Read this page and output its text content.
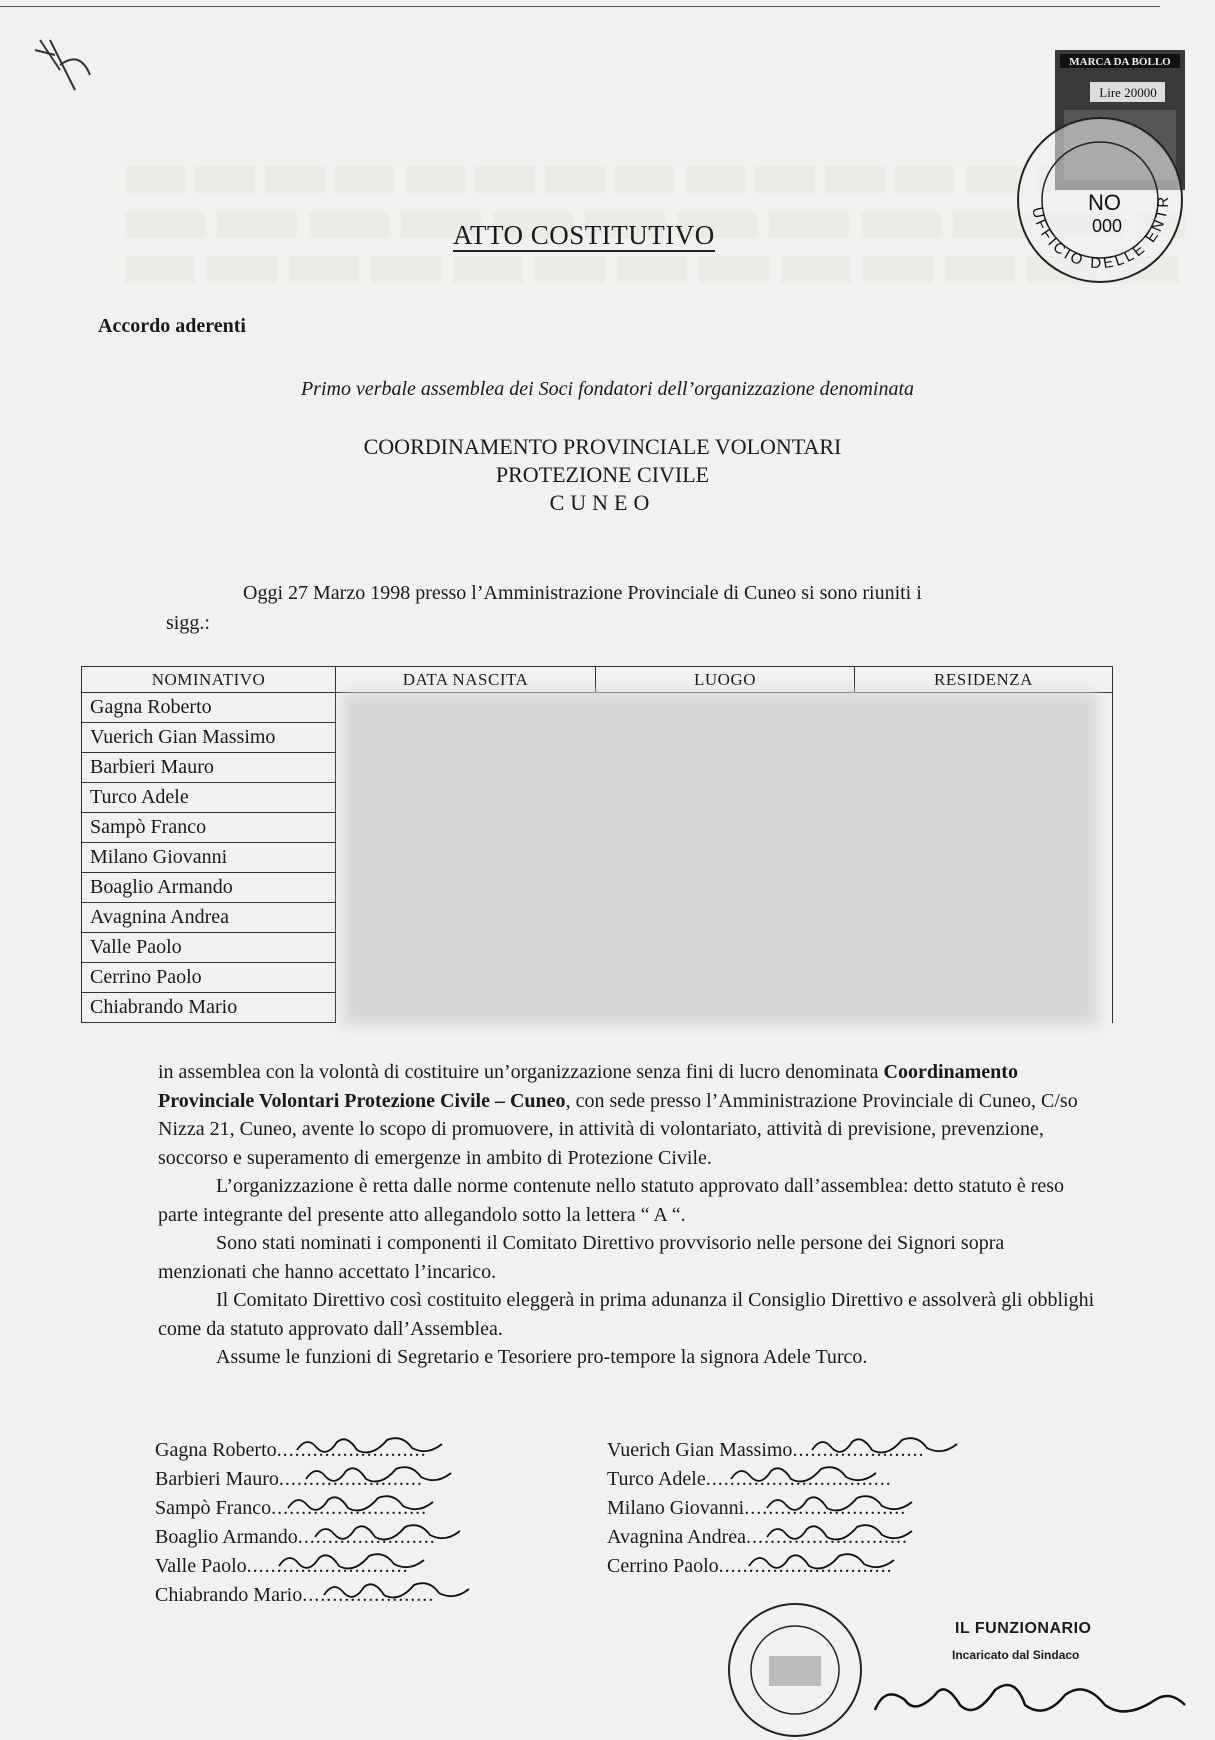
MARCA DA BOLLO
Lire 20000
UFFICIO DELLE ENTR
NO
000
ATTO COSTITUTIVO
Accordo aderenti
Primo verbale assemblea dei Soci fondatori dell’organizzazione denominata
COORDINAMENTO PROVINCIALE VOLONTARI
PROTEZIONE CIVILE
CUNEO
Oggi 27 Marzo 1998 presso l’Amministrazione Provinciale di Cuneo si sono riuniti i
sigg.:
NOMINATIVO	DATA NASCITA	LUOGO	RESIDENZA
Gagna Roberto			
Vuerich Gian Massimo			
Barbieri Mauro			
Turco Adele			
Sampò Franco			
Milano Giovanni			
Boaglio Armando			
Avagnina Andrea			
Valle Paolo			
Cerrino Paolo			
Chiabrando Mario			

in assemblea con la volontà di costituire un’organizzazione senza fini di lucro denominata Coordinamento Provinciale Volontari Protezione Civile – Cuneo, con sede presso l’Amministrazione Provinciale di Cuneo, C/so Nizza 21, Cuneo, avente lo scopo di promuovere, in attività di volontariato, attività di previsione, prevenzione, soccorso e superamento di emergenze in ambito di Protezione Civile.

L’organizzazione è retta dalle norme contenute nello statuto approvato dall’assemblea: detto statuto è reso parte integrante del presente atto allegandolo sotto la lettera “ A “.

Sono stati nominati i componenti il Comitato Direttivo provvisorio nelle persone dei Signori sopra menzionati che hanno accettato l’incarico.

Il Comitato Direttivo così costituito eleggerà in prima adunanza il Consiglio Direttivo e assolverà gli obblighi come da statuto approvato dall’Assemblea.

Assume le funzioni di Segretario e Tesoriere pro-tempore la signora Adele Turco.

Gagna Roberto.........................
Barbieri Mauro........................
Sampò Franco..........................
Boaglio Armando.......................
Valle Paolo...........................
Chiabrando Mario......................
Vuerich Gian Massimo......................
Turco Adele...............................
Milano Giovanni...........................
Avagnina Andrea...........................
Cerrino Paolo.............................
IL FUNZIONARIO
Incaricato dal Sindaco
